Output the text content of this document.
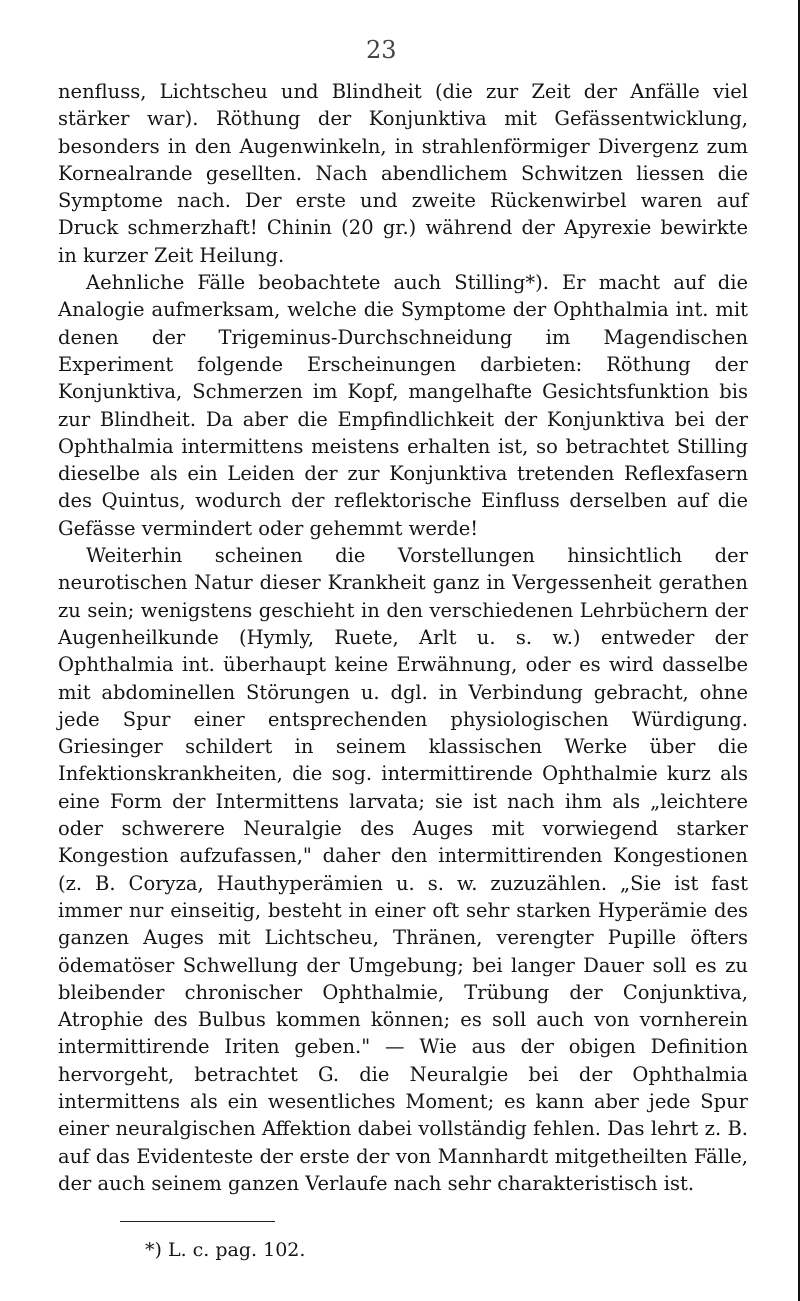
23

nenfluss, Lichtscheu und Blindheit (die zur Zeit der Anfälle viel stärker war). Röthung der Konjunktiva mit Gefässentwicklung, besonders in den Augenwinkeln, in strahlenförmiger Divergenz zum Kornealrande gesellten. Nach abendlichem Schwitzen liessen die Symptome nach. Der erste und zweite Rückenwirbel waren auf Druck schmerzhaft! Chinin (20 gr.) während der Apyrexie bewirkte in kurzer Zeit Heilung.

Aehnliche Fälle beobachtete auch Stilling*). Er macht auf die Analogie aufmerksam, welche die Symptome der Ophthalmia int. mit denen der Trigeminus-Durchschneidung im Magendischen Experiment folgende Erscheinungen darbieten: Röthung der Konjunktiva, Schmerzen im Kopf, mangelhafte Gesichtsfunktion bis zur Blindheit. Da aber die Empfindlichkeit der Konjunktiva bei der Ophthalmia intermittens meistens erhalten ist, so betrachtet Stilling dieselbe als ein Leiden der zur Konjunktiva tretenden Reflexfasern des Quintus, wodurch der reflektorische Einfluss derselben auf die Gefässe vermindert oder gehemmt werde!

Weiterhin scheinen die Vorstellungen hinsichtlich der neurotischen Natur dieser Krankheit ganz in Vergessenheit gerathen zu sein; wenigstens geschieht in den verschiedenen Lehrbüchern der Augenheilkunde (Hymly, Ruete, Arlt u. s. w.) entweder der Ophthalmia int. überhaupt keine Erwähnung, oder es wird dasselbe mit abdominellen Störungen u. dgl. in Verbindung gebracht, ohne jede Spur einer entsprechenden physiologischen Würdigung. Griesinger schildert in seinem klassischen Werke über die Infektionskrankheiten, die sog. intermittirende Ophthalmie kurz als eine Form der Intermittens larvata; sie ist nach ihm als „leichtere oder schwerere Neuralgie des Auges mit vorwiegend starker Kongestion aufzufassen," daher den intermittirenden Kongestionen (z. B. Coryza, Hauthyperämien u. s. w. zuzuzählen. „Sie ist fast immer nur einseitig, besteht in einer oft sehr starken Hyperämie des ganzen Auges mit Lichtscheu, Thränen, verengter Pupille öfters ödematöser Schwellung der Umgebung; bei langer Dauer soll es zu bleibender chronischer Ophthalmie, Trübung der Conjunktiva, Atrophie des Bulbus kommen können; es soll auch von vornherein intermittirende Iriten geben." — Wie aus der obigen Definition hervorgeht, betrachtet G. die Neuralgie bei der Ophthalmia intermittens als ein wesentliches Moment; es kann aber jede Spur einer neuralgischen Affektion dabei vollständig fehlen. Das lehrt z. B. auf das Evidenteste der erste der von Mannhardt mitgetheilten Fälle, der auch seinem ganzen Verlaufe nach sehr charakteristisch ist.

*) L. c. pag. 102.
